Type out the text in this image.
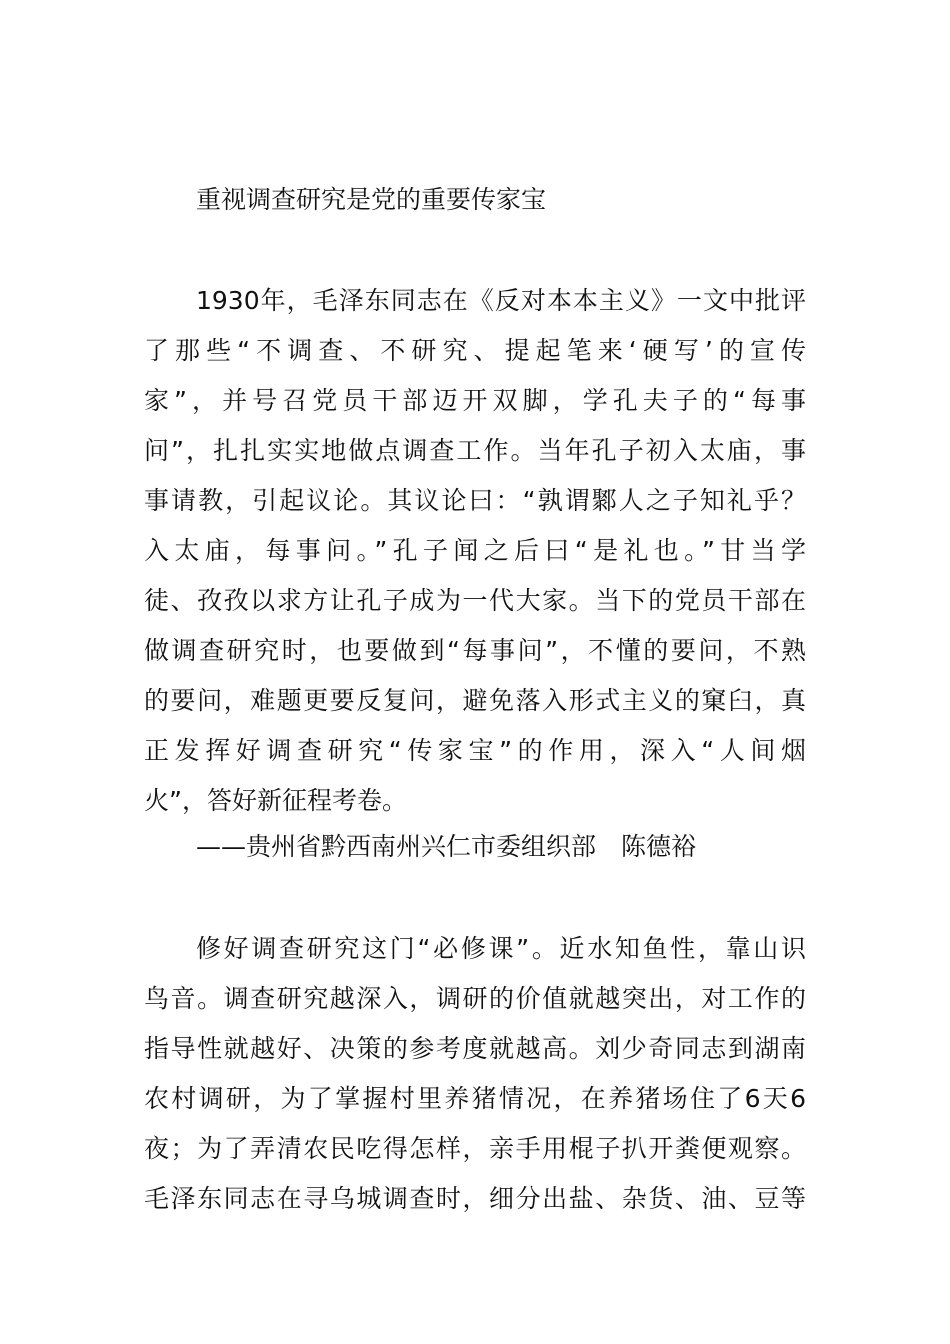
重视调查研究是党的重要传家宝
1930年，毛泽东同志在《反对本本主义》一文中批评
了那些“不调查、不研究、提起笔来‘硬写’的宣传
家”，并号召党员干部迈开双脚，学孔夫子的“每事
问”，扎扎实实地做点调查工作。当年孔子初入太庙，事
事请教，引起议论。其议论曰：“孰谓鄹人之子知礼乎？
入太庙，每事问。”孔子闻之后曰“是礼也。”甘当学
徒、孜孜以求方让孔子成为一代大家。当下的党员干部在
做调查研究时，也要做到“每事问”，不懂的要问，不熟
的要问，难题更要反复问，避免落入形式主义的窠臼，真
正发挥好调查研究“传家宝”的作用，深入“人间烟
火”，答好新征程考卷。
——贵州省黔西南州兴仁市委组织部　陈德裕
修好调查研究这门“必修课”。近水知鱼性，靠山识
鸟音。调查研究越深入，调研的价值就越突出，对工作的
指导性就越好、决策的参考度就越高。刘少奇同志到湖南
农村调研，为了掌握村里养猪情况，在养猪场住了6天6
夜；为了弄清农民吃得怎样，亲手用棍子扒开粪便观察。
毛泽东同志在寻乌城调查时，细分出盐、杂货、油、豆等
